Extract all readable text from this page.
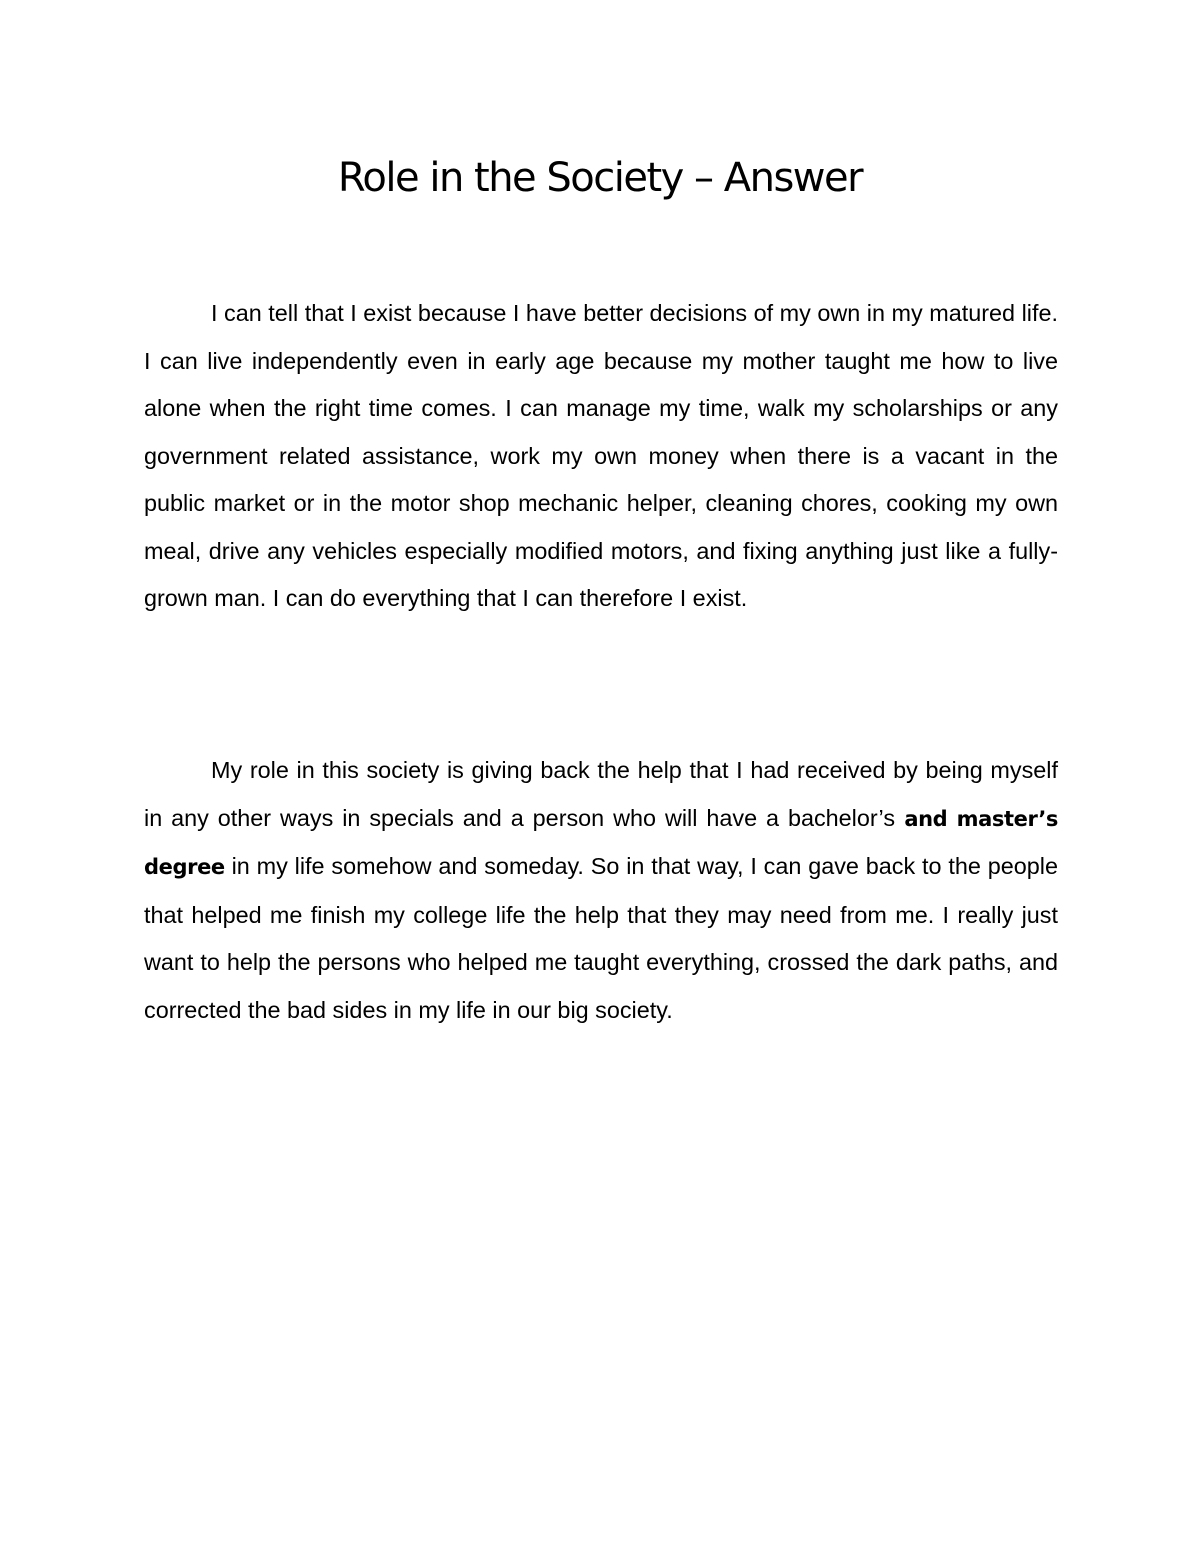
Role in the Society – Answer

I can tell that I exist because I have better decisions of my own in my matured life. I can live independently even in early age because my mother taught me how to live alone when the right time comes. I can manage my time, walk my scholarships or any government related assistance, work my own money when there is a vacant in the public market or in the motor shop mechanic helper, cleaning chores, cooking my own meal, drive any vehicles especially modified motors, and fixing anything just like a fully-grown man. I can do everything that I can therefore I exist.

My role in this society is giving back the help that I had received by being myself in any other ways in specials and a person who will have a bachelor’s and master’s degree in my life somehow and someday. So in that way, I can gave back to the people that helped me finish my college life the help that they may need from me. I really just want to help the persons who helped me taught everything, crossed the dark paths, and corrected the bad sides in my life in our big society.
